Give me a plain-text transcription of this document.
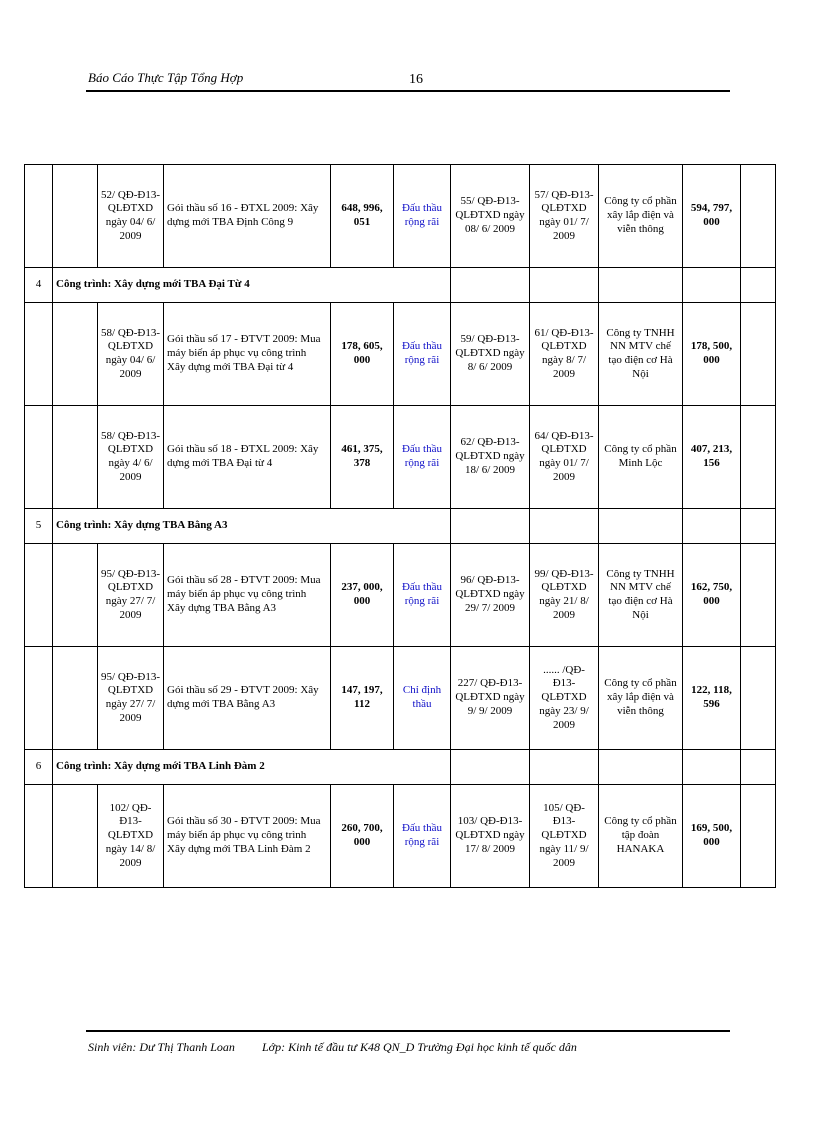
Báo Cáo Thực Tập Tổng Hợp	16
		52/ QĐ-Đ13-QLĐTXD ngày 04/ 6/ 2009	Gói thầu số 16 - ĐTXL 2009: Xây dựng mới TBA Định Công 9	648, 996, 051	Đấu thầu rộng rãi	55/ QĐ-Đ13-QLĐTXD ngày 08/ 6/ 2009	57/ QĐ-Đ13-QLĐTXD ngày 01/ 7/ 2009	Công ty cổ phần xây lắp điện và viễn thông	594, 797, 000	
4	Công trình: Xây dựng mới TBA Đại Từ 4									
		58/ QĐ-Đ13-QLĐTXD ngày 04/ 6/ 2009	Gói thầu số 17 - ĐTVT 2009: Mua máy biến áp phục vụ công trình Xây dựng mới TBA Đại từ 4	178, 605, 000	Đấu thầu rộng rãi	59/ QĐ-Đ13-QLĐTXD ngày 8/ 6/ 2009	61/ QĐ-Đ13-QLĐTXD ngày 8/ 7/ 2009	Công ty TNHH NN MTV chế tạo điện cơ Hà Nội	178, 500, 000	
		58/ QĐ-Đ13-QLĐTXD ngày 4/ 6/ 2009	Gói thầu số 18 - ĐTXL 2009: Xây dựng mới TBA Đại từ 4	461, 375, 378	Đấu thầu rộng rãi	62/ QĐ-Đ13-QLĐTXD ngày 18/ 6/ 2009	64/ QĐ-Đ13-QLĐTXD ngày 01/ 7/ 2009	Công ty cổ phần Minh Lộc	407, 213, 156	
5	Công trình: Xây dựng TBA Bằng A3									
		95/ QĐ-Đ13-QLĐTXD ngày 27/ 7/ 2009	Gói thầu số 28 - ĐTVT 2009: Mua máy biến áp phục vụ công trình Xây dựng TBA Bằng A3	237, 000, 000	Đấu thầu rộng rãi	96/ QĐ-Đ13-QLĐTXD ngày 29/ 7/ 2009	99/ QĐ-Đ13-QLĐTXD ngày 21/ 8/ 2009	Công ty TNHH NN MTV chế tạo điện cơ Hà Nội	162, 750, 000	
		95/ QĐ-Đ13-QLĐTXD ngày 27/ 7/ 2009	Gói thầu số 29 - ĐTVT 2009: Xây dựng mới TBA Bằng A3	147, 197, 112	Chỉ định thầu	227/ QĐ-Đ13-QLĐTXD ngày 9/ 9/ 2009	...... /QĐ-Đ13-QLĐTXD ngày 23/ 9/ 2009	Công ty cổ phần xây lắp điện và viễn thông	122, 118, 596	
6	Công trình: Xây dựng mới TBA Linh Đàm 2									
		102/ QĐ-Đ13-QLĐTXD ngày 14/ 8/ 2009	Gói thầu số 30 - ĐTVT 2009: Mua máy biến áp phục vụ công trình Xây dựng mới TBA Linh Đàm 2	260, 700, 000	Đấu thầu rộng rãi	103/ QĐ-Đ13-QLĐTXD ngày 17/ 8/ 2009	105/ QĐ-Đ13-QLĐTXD ngày 11/ 9/ 2009	Công ty cổ phần tập đoàn HANAKA	169, 500, 000	
Sinh viên: Dư Thị Thanh Loan Lớp: Kinh tế đầu tư K48 QN_D Trường Đại học kinh tế quốc dân
